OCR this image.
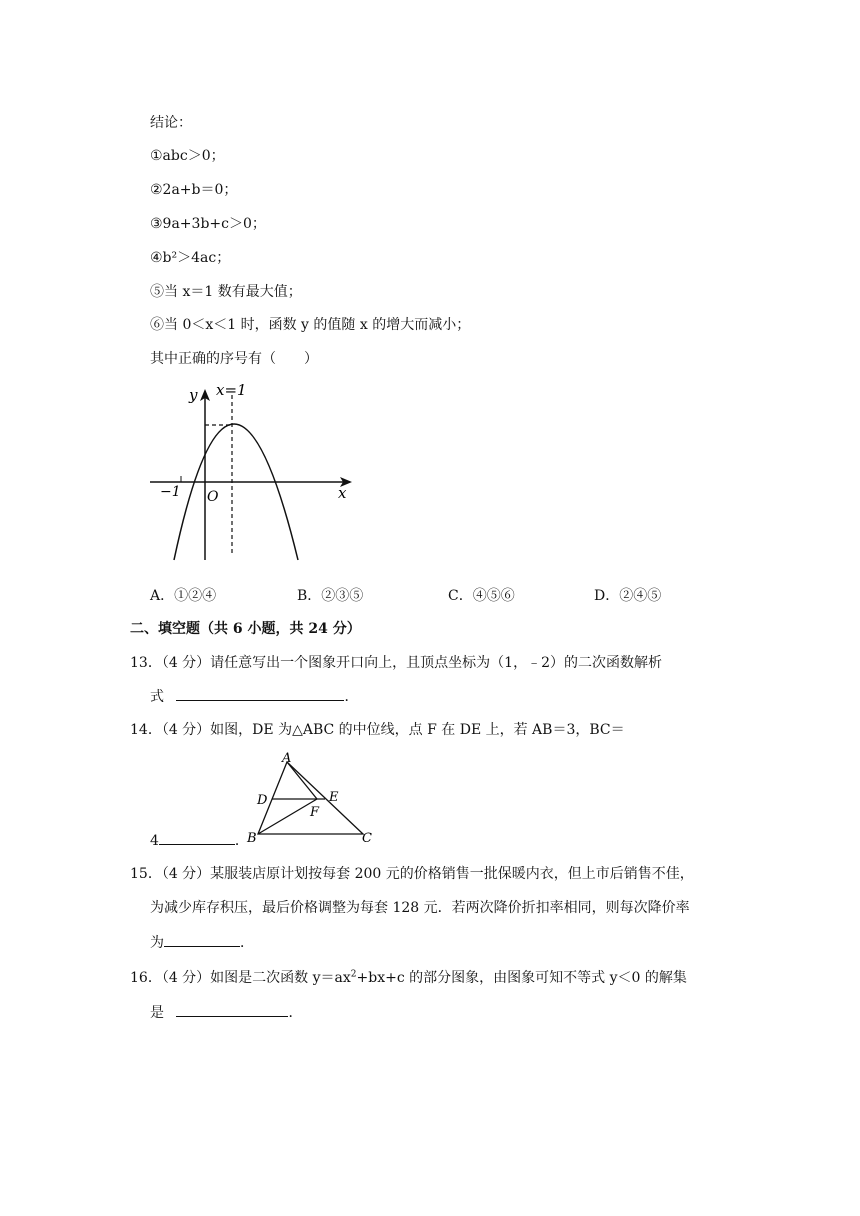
结论：
①abc＞0；
②2a+b＝0；
③9a+3b+c＞0；
④b²＞4ac；
⑤当 x＝1 数有最大值；
⑥当 0＜x＜1 时，函数 y 的值随 x 的增大而减小；
其中正确的序号有（　　）
y
x
O
−1
x=1
A．①②④	B．②③⑤	C．④⑤⑥	D．②④⑤
二、填空题（共 6 小题，共 24 分）
13．（4 分）请任意写出一个图象开口向上，且顶点坐标为（1，﹣2）的二次函数解析
式	．
14．（4 分）如图，DE 为△ABC 的中位线，点 F 在 DE 上，若 AB＝3，BC＝
A
B	C
D	E
F
4	．
15．（4 分）某服装店原计划按每套 200 元的价格销售一批保暖内衣，但上市后销售不佳，
为减少库存积压，最后价格调整为每套 128 元．若两次降价折扣率相同，则每次降价率
为	．
16．（4 分）如图是二次函数 $y=ax^2+bx+c$ 的部分图象，由图象可知不等式 y＜0 的解集
是	．
